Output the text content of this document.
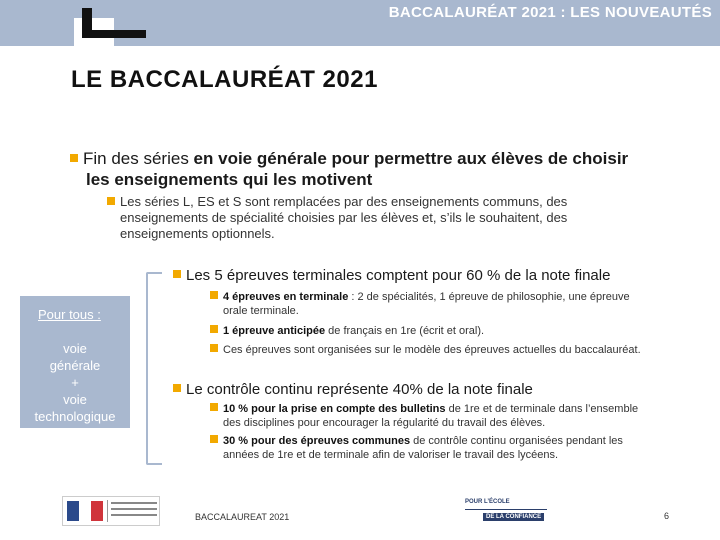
BACCALAURÉAT 2021 : LES NOUVEAUTÉS
LE BACCALAURÉAT 2021
Fin des séries en voie générale pour permettre aux élèves de choisir
les enseignements qui les motivent
Les séries L, ES et S sont remplacées par des enseignements communs, des
enseignements de spécialité choisies par les élèves et, s’ils le souhaitent, des
enseignements optionnels.
Pour tous :
voie
générale
+
voie
technologique
Les 5 épreuves terminales comptent pour 60 % de la note finale
4 épreuves en terminale : 2 de spécialités, 1 épreuve de philosophie, une épreuve
orale terminale.
1 épreuve anticipée de français en 1re (écrit et oral).
Ces épreuves sont organisées sur le modèle des épreuves actuelles du baccalauréat.
Le contrôle continu représente 40% de la note finale
10 % pour la prise en compte des bulletins de 1re et de terminale dans l’ensemble
des disciplines pour encourager la régularité du travail des élèves.
30 % pour des épreuves communes de contrôle continu organisées pendant les
années de 1re et de terminale afin de valoriser le travail des lycéens.
BACCALAUREAT 2021
POUR L’ÉCOLE
DE LA CONFIANCE	6
